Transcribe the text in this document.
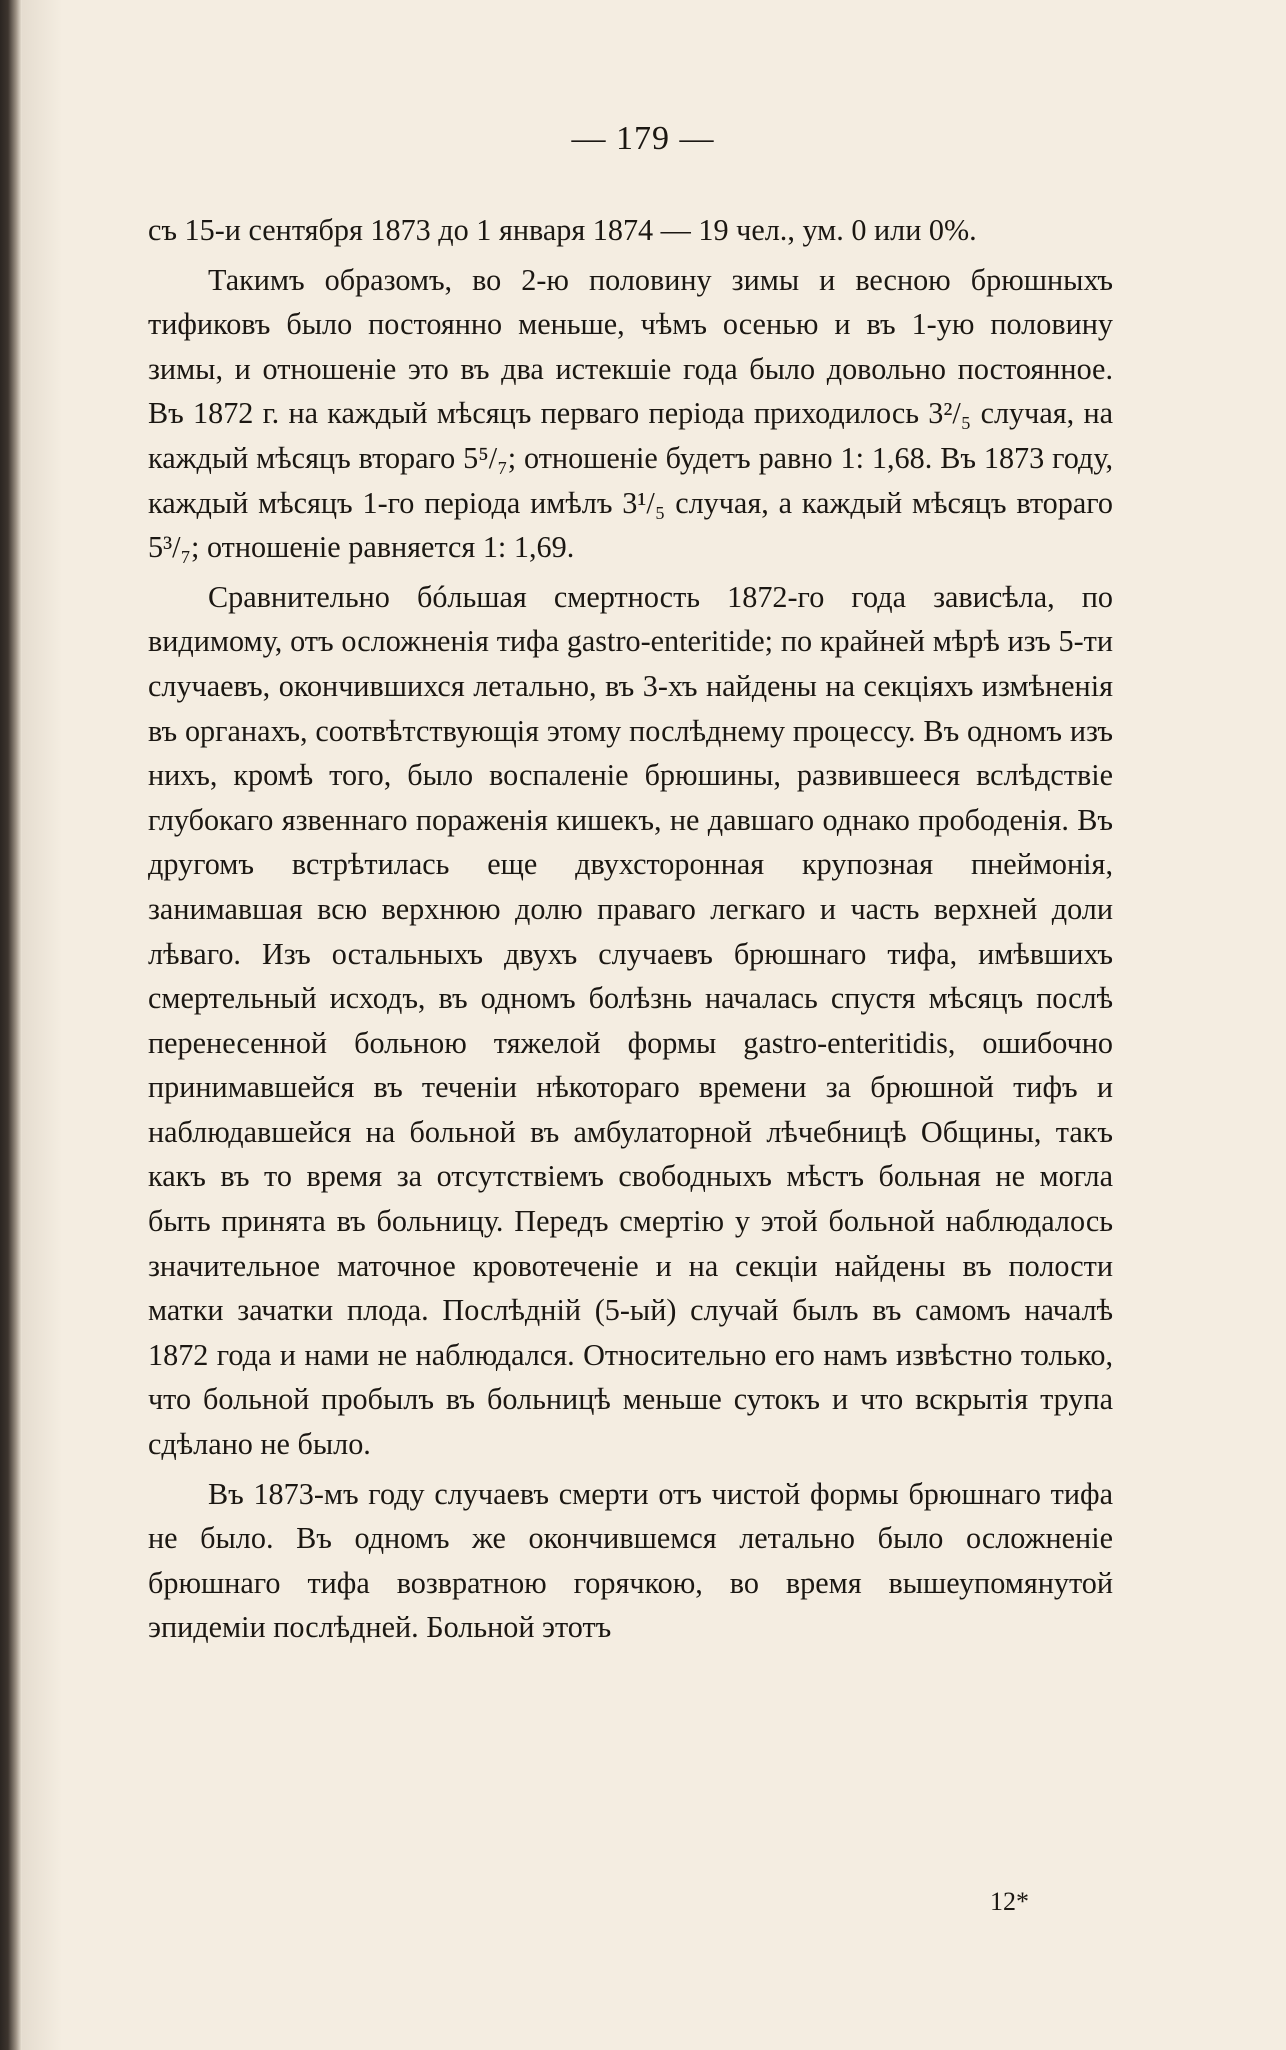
— 179 —

съ 15-и сентября 1873 до 1 января 1874 — 19 чел., ум. 0 или 0%.

Такимъ образомъ, во 2-ю половину зимы и весною брюшныхъ тификовъ было постоянно меньше, чѣмъ осенью и въ 1-ую половину зимы, и отношеніе это въ два истекшіе года было довольно постоянное. Въ 1872 г. на каждый мѣсяцъ перваго періода приходилось 3²/₅ случая, на каждый мѣсяцъ втораго 5⁵/₇; отношеніе будетъ равно 1: 1,68. Въ 1873 году, каждый мѣсяцъ 1-го періода имѣлъ 3¹/₅ случая, а каждый мѣсяцъ втораго 5³/₇; отношеніе равняется 1: 1,69.

Сравнительно бóльшая смертность 1872-го года зависѣла, по видимому, отъ осложненія тифа gastro-enteritide; по крайней мѣрѣ изъ 5-ти случаевъ, окончившихся летально, въ 3-хъ найдены на секціяхъ измѣненія въ органахъ, соотвѣтствующія этому послѣднему процессу. Въ одномъ изъ нихъ, кромѣ того, было воспаленіе брюшины, развившееся вслѣдствіе глубокаго язвеннаго пораженія кишекъ, не давшаго однако прободенія. Въ другомъ встрѣтилась еще двухсторонная крупозная пнеймонія, занимавшая всю верхнюю долю праваго легкаго и часть верхней доли лѣваго. Изъ остальныхъ двухъ случаевъ брюшнаго тифа, имѣвшихъ смертельный исходъ, въ одномъ болѣзнь началась спустя мѣсяцъ послѣ перенесенной больною тяжелой формы gastro-enteritidis, ошибочно принимавшейся въ теченіи нѣкотораго времени за брюшной тифъ и наблюдавшейся на больной въ амбулаторной лѣчебницѣ Общины, такъ какъ въ то время за отсутствіемъ свободныхъ мѣстъ больная не могла быть принята въ больницу. Передъ смертію у этой больной наблюдалось значительное маточное кровотеченіе и на секціи найдены въ полости матки зачатки плода. Послѣдній (5-ый) случай былъ въ самомъ началѣ 1872 года и нами не наблюдался. Относительно его намъ извѣстно только, что больной пробылъ въ больницѣ меньше сутокъ и что вскрытія трупа сдѣлано не было.

Въ 1873-мъ году случаевъ смерти отъ чистой формы брюшнаго тифа не было. Въ одномъ же окончившемся летально было осложненіе брюшнаго тифа возвратною горячкою, во время вышеупомянутой эпидеміи послѣдней. Больной этотъ

12*
